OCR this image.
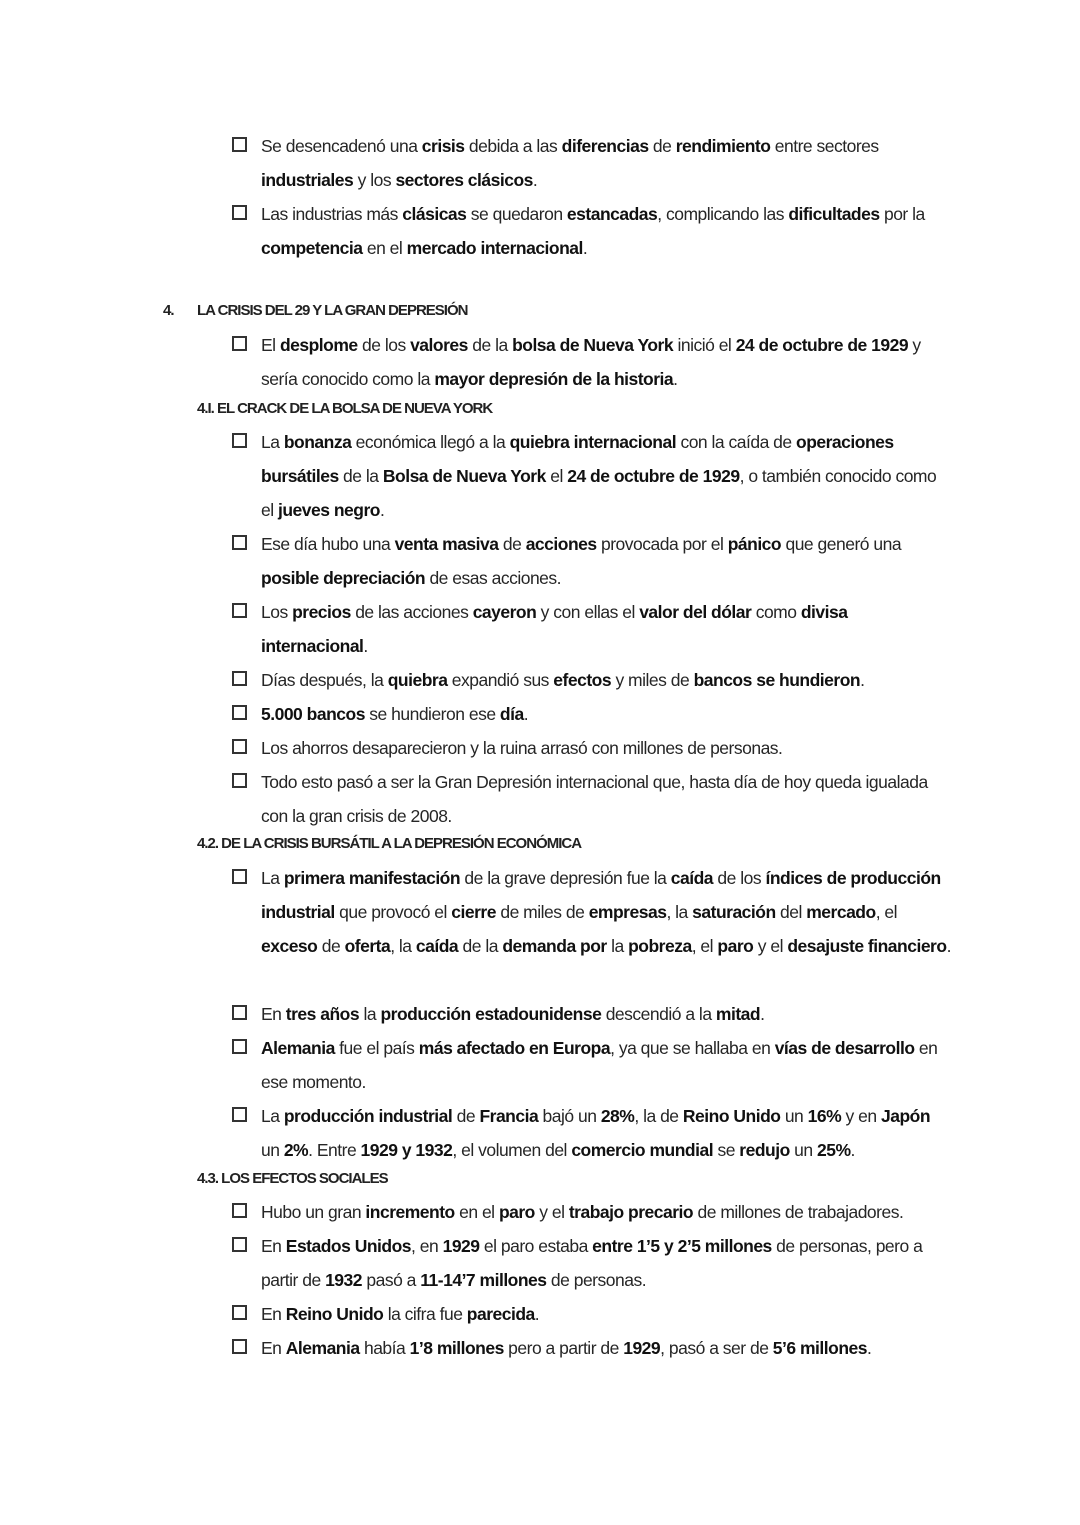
Se desencadenó una crisis debida a las diferencias de rendimiento entre sectores industriales y los sectores clásicos.
Las industrias más clásicas se quedaron estancadas, complicando las dificultades por la competencia en el mercado internacional.
4. LA CRISIS DEL 29 Y LA GRAN DEPRESIÓN
El desplome de los valores de la bolsa de Nueva York inició el 24 de octubre de 1929 y sería conocido como la mayor depresión de la historia.
4.I. EL CRACK DE LA BOLSA DE NUEVA YORK
La bonanza económica llegó a la quiebra internacional con la caída de operaciones bursátiles de la Bolsa de Nueva York el 24 de octubre de 1929, o también conocido como el jueves negro.
Ese día hubo una venta masiva de acciones provocada por el pánico que generó una posible depreciación de esas acciones.
Los precios de las acciones cayeron y con ellas el valor del dólar como divisa internacional.
Días después, la quiebra expandió sus efectos y miles de bancos se hundieron.
5.000 bancos se hundieron ese día.
Los ahorros desaparecieron y la ruina arrasó con millones de personas.
Todo esto pasó a ser la Gran Depresión internacional que, hasta día de hoy queda igualada con la gran crisis de 2008.
4.2. DE LA CRISIS BURSÁTIL A LA DEPRESIÓN ECONÓMICA
La primera manifestación de la grave depresión fue la caída de los índices de producción industrial que provocó el cierre de miles de empresas, la saturación del mercado, el exceso de oferta, la caída de la demanda por la pobreza, el paro y el desajuste financiero.
En tres años la producción estadounidense descendió a la mitad.
Alemania fue el país más afectado en Europa, ya que se hallaba en vías de desarrollo en ese momento.
La producción industrial de Francia bajó un 28%, la de Reino Unido un 16% y en Japón un 2%. Entre 1929 y 1932, el volumen del comercio mundial se redujo un 25%.
4.3. LOS EFECTOS SOCIALES
Hubo un gran incremento en el paro y el trabajo precario de millones de trabajadores.
En Estados Unidos, en 1929 el paro estaba entre 1’5 y 2’5 millones de personas, pero a partir de 1932 pasó a 11-14’7 millones de personas.
En Reino Unido la cifra fue parecida.
En Alemania había 1’8 millones pero a partir de 1929, pasó a ser de 5’6 millones.
